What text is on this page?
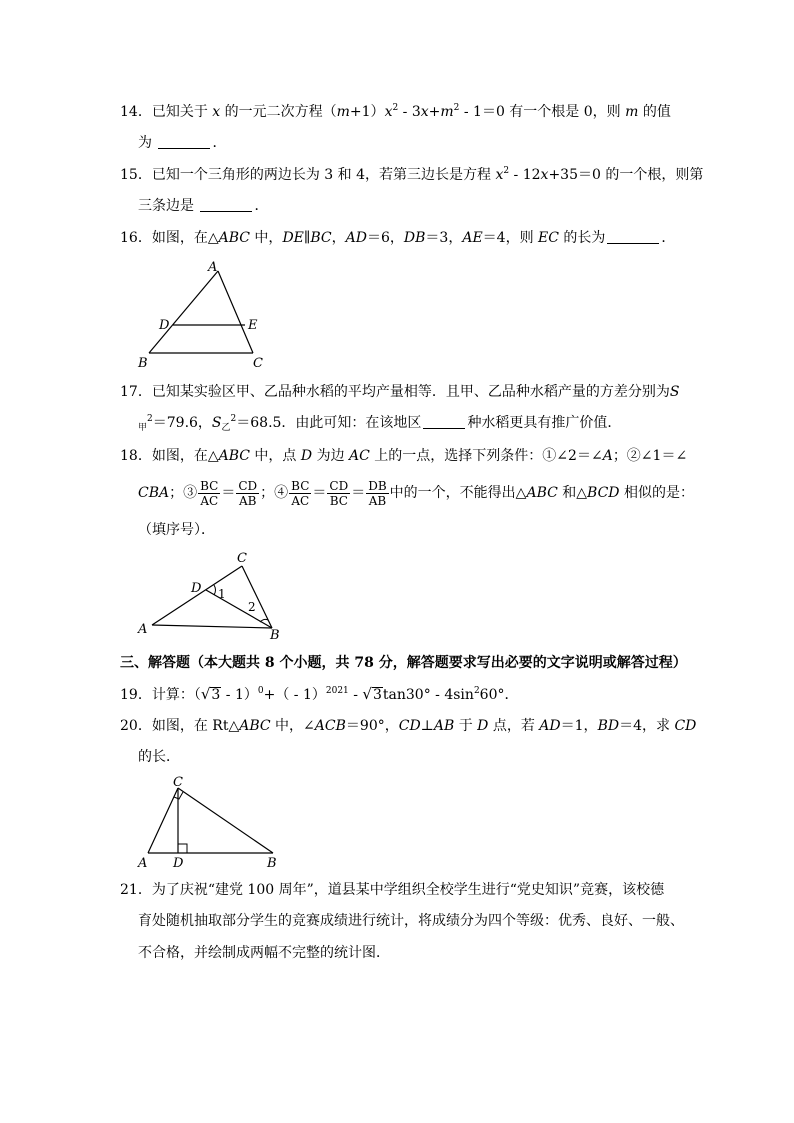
14．已知关于 x 的一元二次方程$(m+1)x^2 - 3x+m^2 - 1=0$ 有一个根是 0，则 m 的值
为	．
15．已知一个三角形的两边长为 3 和 4，若第三边长是方程 $x^2 - 12x+35=0$ 的一个根，则第
三条边是	．
16．如图，在△ABC 中，DE∥BC，AD＝6，DB＝3，AE＝4，则 EC 的长为	．
A
D	E
B	C
17．已知某实验区甲、乙品种水稻的平均产量相等．且甲、乙品种水稻产量的方差分别为S
$_甲^2$＝79.6，$S_乙^2=68.5$．由此可知：在该地区	种水稻更具有推广价值．
18．如图，在△ABC 中，点 D 为边 AC 上的一点，选择下列条件：①∠2＝∠A；②∠1＝∠
CBA；③ $\frac{BC}{AC} = \frac{CD}{AB}$ ；④ $\frac{BC}{AC} = \frac{CD}{BC} = \frac{DB}{AB}$ 中的一个，不能得出△ABC 和△BCD 相似的是：
（填序号）．
C
D 1
2
A	B
三、解答题（本大题共 8 个小题，共 78 分，解答题要求写出必要的文字说明或解答过程）
19．计算：$(√3 - 1)^0+( - 1)^{2021} - √3\tan 30^\circ - 4\sin^260^\circ$．
20．如图，在 Rt△ABC 中，∠ACB＝90°，CD⊥AB 于 D 点，若 AD＝1，BD＝4，求 CD
的长．
C
A D	B
21．为了庆祝“建党 100 周年”，道县某中学组织全校学生进行“党史知识”竞赛，该校德
育处随机抽取部分学生的竞赛成绩进行统计，将成绩分为四个等级：优秀、良好、一般、
不合格，并绘制成两幅不完整的统计图．
